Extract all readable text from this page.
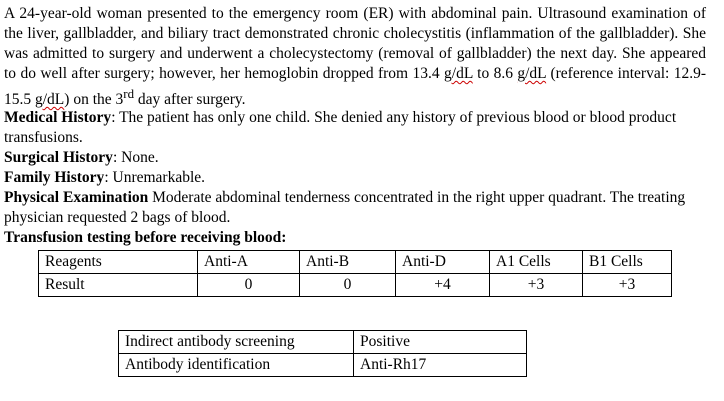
A 24-year-old woman presented to the emergency room (ER) with abdominal pain. Ultrasound examination of the liver, gallbladder, and biliary tract demonstrated chronic cholecystitis (inflammation of the gallbladder). She was admitted to surgery and underwent a cholecystectomy (removal of gallbladder) the next day. She appeared to do well after surgery; however, her hemoglobin dropped from 13.4 g/dL to 8.6 g/dL (reference interval: 12.9-15.5 g/dL) on the 3rd day after surgery.
Medical History: The patient has only one child. She denied any history of previous blood or blood product transfusions.
Surgical History: None.
Family History: Unremarkable.
Physical Examination Moderate abdominal tenderness concentrated in the right upper quadrant. The treating physician requested 2 bags of blood.
Transfusion testing before receiving blood:
Reagents	Anti-A	Anti-B	Anti-D	A1 Cells	B1 Cells
Result	0	0	+4	+3	+3
Indirect antibody screening	Positive
Antibody identification	Anti-Rh17
